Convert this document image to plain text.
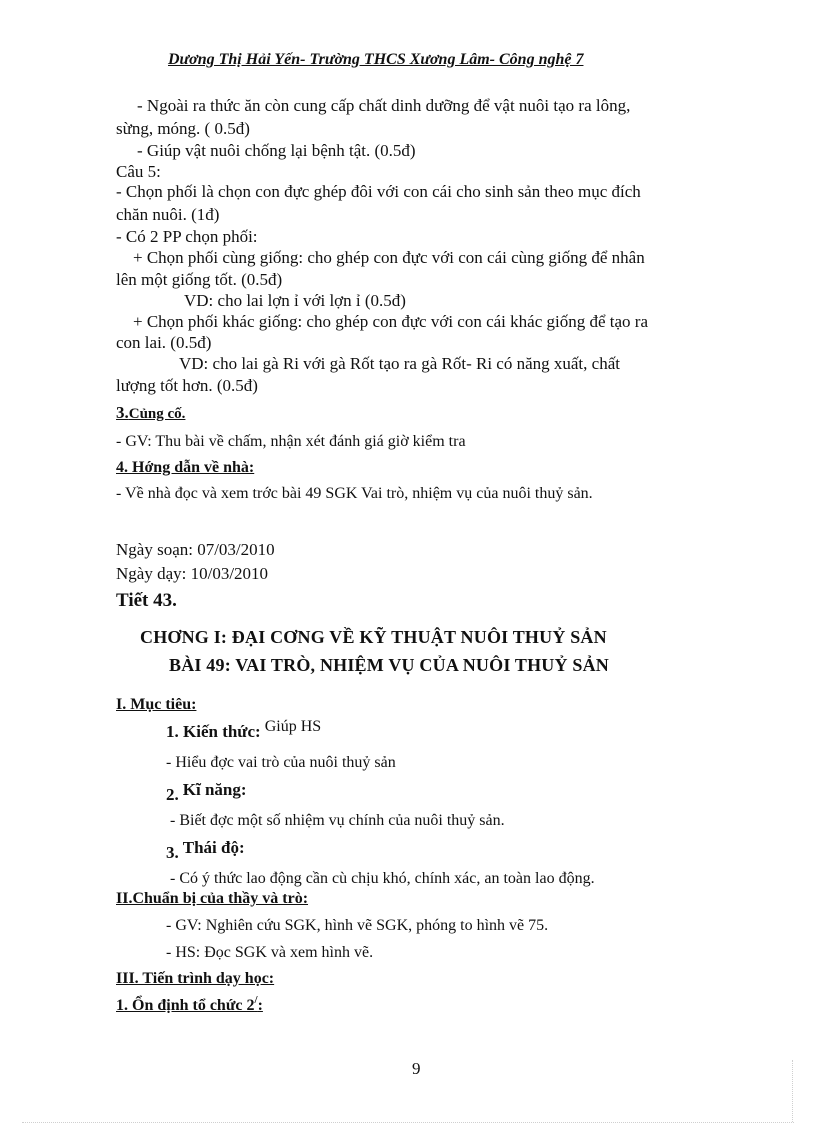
Dương Thị Hải Yến- Trường THCS Xương Lâm- Công nghệ 7
- Ngoài ra thức ăn còn cung cấp chất dinh dưỡng để vật nuôi tạo ra lông,
sừng, móng. ( 0.5đ)
- Giúp vật nuôi chống lại bệnh tật. (0.5đ)
Câu 5:
- Chọn phối là chọn con đực ghép đôi với con cái cho sinh sản theo mục đích
chăn nuôi. (1đ)
- Có 2 PP chọn phối:
+ Chọn phối cùng giống: cho ghép con đực với con cái cùng giống để nhân
lên một giống tốt. (0.5đ)
VD: cho lai lợn ỉ với lợn ỉ (0.5đ)
+ Chọn phối khác giống: cho ghép con đực với con cái khác giống để tạo ra
con lai. (0.5đ)
VD: cho lai gà Ri với gà Rốt tạo ra gà Rốt- Ri có năng xuất, chất
lượng tốt hơn. (0.5đ)
3.Củng cố.
- GV: Thu bài về chấm, nhận xét đánh giá giờ kiểm tra
4. Hớng dẫn về nhà:
- Về nhà đọc và xem trớc bài 49 SGK Vai trò, nhiệm vụ của nuôi thuỷ sản.
Ngày soạn: 07/03/2010
Ngày dạy: 10/03/2010
Tiết 43.
CHƠNG I: ĐẠI CƠNG VỀ KỸ THUẬT NUÔI THUỶ SẢN
BÀI 49: VAI TRÒ, NHIỆM VỤ CỦA NUÔI THUỶ SẢN
I. Mục tiêu:
1. Kiến thức: Giúp HS
- Hiểu đợc vai trò của nuôi thuỷ sản
2. Kĩ năng:
- Biết đợc một số nhiệm vụ chính của nuôi thuỷ sản.
3. Thái độ:
- Có ý thức lao động cần cù chịu khó, chính xác, an toàn lao động.
II.Chuẩn bị của thầy và trò:
- GV: Nghiên cứu SGK, hình vẽ SGK, phóng to hình vẽ 75.
- HS: Đọc SGK và xem hình vẽ.
III. Tiến trình dạy học:
1. Ổn định tổ chức 2/:
9
